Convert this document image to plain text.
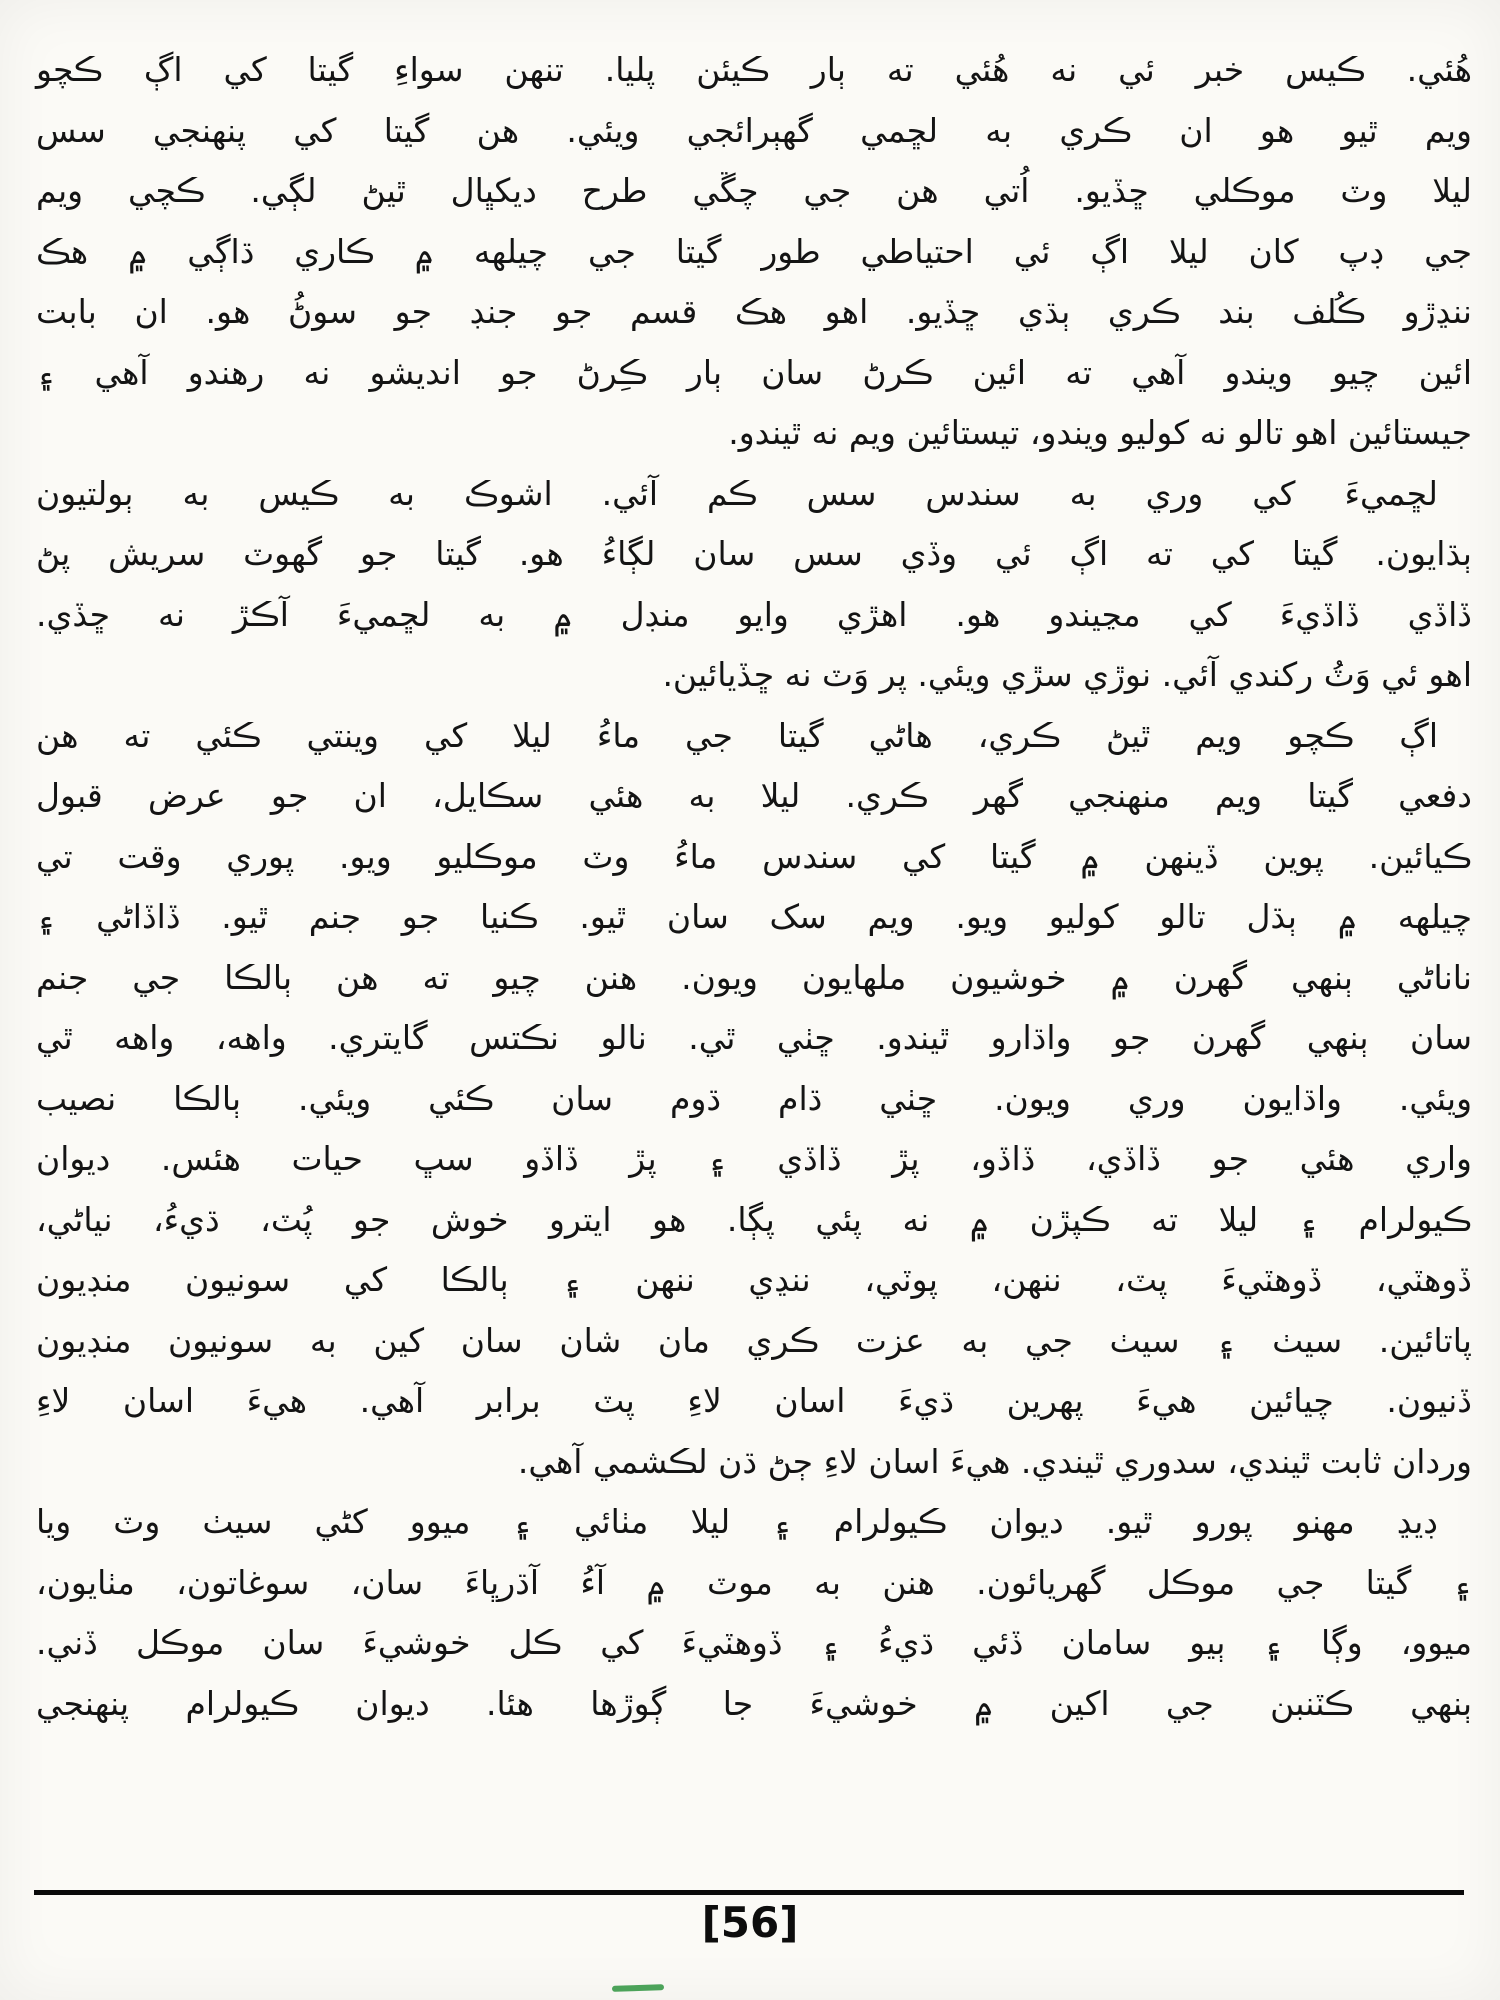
هُئي. ڪيس خبر ئي نه هُئي ته ٻار ڪيئن پليا. تنهن سواءِ گيتا کي اڳ ڪچو
ويم ٿيو هو ان ڪري به لڇمي گهٻرائجي ويئي. هن گيتا کي پنهنجي سس
ليلا وٽ موڪلي ڇڏيو. اُتي هن جي چڱي طرح ديکڀال ٿيڻ لڳي. ڪچي ويم
جي ڊپ کان ليلا اڳ ئي احتياطي طور گيتا جي چيلهه ۾ ڪاري ڌاڳي ۾ هڪ
ننڍڙو ڪُلف بند ڪري ٻڌي ڇڏيو. اهو هڪ قسم جو جنڊ جو سوڻُ هو. ان بابت
ائين چيو ويندو آهي ته ائين ڪرڻ سان ٻار ڪِرڻ جو انديشو نه رهندو آهي ۽
جيستائين اهو تالو نه کوليو ويندو، تيستائين ويم نه ٿيندو.
لڇميءَ کي وري به سندس سس ڪم آئي. اشوڪ به ڪيس به ٻولتيون
ٻڌايون. گيتا کي ته اڳ ئي وڏي سس سان لڳاءُ هو. گيتا جو گهوٽ سريش پڻ
ڏاڏي ڏاڏيءَ کي مڃيندو هو. اهڙي وايو منڊل ۾ به لڇميءَ آڪڙ نه ڇڏي.
اهو ئي وَٽُ رکندي آئي. نوڙي سڙي ويئي. پر وَٽ نه ڇڏيائين.
اڳ ڪچو ويم ٿيڻ ڪري، هاڻي گيتا جي ماءُ ليلا کي وينتي ڪئي ته هن
دفعي گيتا ويم منهنجي گهر ڪري. ليلا به هئي سڪايل، ان جو عرض قبول
ڪيائين. پوين ڏينهن ۾ گيتا کي سندس ماءُ وٽ موڪليو ويو. پوري وقت تي
چيلهه ۾ ٻڌل تالو کوليو ويو. ويم سک سان ٿيو. ڪنيا جو جنم ٿيو. ڏاڏاڻي ۽
ناناڻي ٻنهي گهرن ۾ خوشيون ملهايون ويون. هنن چيو ته هن ٻالڪا جي جنم
سان ٻنهي گهرن جو واڌارو ٿيندو. ڇٺي ٿي. نالو نڪتس گايتري. واهه، واهه ٿي
ويئي. واڌايون وري ويون. ڇٺي ڌام ڌوم سان ڪئي ويئي. ٻالڪا نصيب
واري هئي جو ڏاڏي، ڏاڏو، پڙ ڏاڏي ۽ پڙ ڏاڏو سڀ حيات هئس. ديوان
ڪيولرام ۽ ليلا ته ڪپڙن ۾ نه پئي پڳا. هو ايترو خوش جو پُٽ، ڌيءُ، نياڻي،
ڏوهٽي، ڏوهٽيءَ پٽ، ننهن، پوٽي، ننڍي ننهن ۽ ٻالڪا کي سونيون منڊيون
پاتائين. سيٺ ۽ سيٺ جي به عزت ڪري مان شان سان کين به سونيون منڊيون
ڏنيون. چيائين هيءَ پهرين ڌيءَ اسان لاءِ پٽ برابر آهي. هيءَ اسان لاءِ
وردان ثابت ٿيندي، سدوري ٿيندي. هيءَ اسان لاءِ ڄڻ ڌن لڪشمي آهي.
ڊيڍ مهنو پورو ٿيو. ديوان ڪيولرام ۽ ليلا مٺائي ۽ ميوو کڻي سيٺ وٽ ويا
۽ گيتا جي موڪل گهريائون. هنن به موٽ ۾ آءُ آڌرڀاءَ سان، سوغاتون، مٺايون،
ميوو، وڳا ۽ ٻيو سامان ڏئي ڌيءُ ۽ ڏوهٽيءَ کي ڪل خوشيءَ سان موڪل ڏني.
ٻنهي ڪٽنبن جي اکين ۾ خوشيءَ جا ڳوڙها هئا. ديوان ڪيولرام پنهنجي
[56]
